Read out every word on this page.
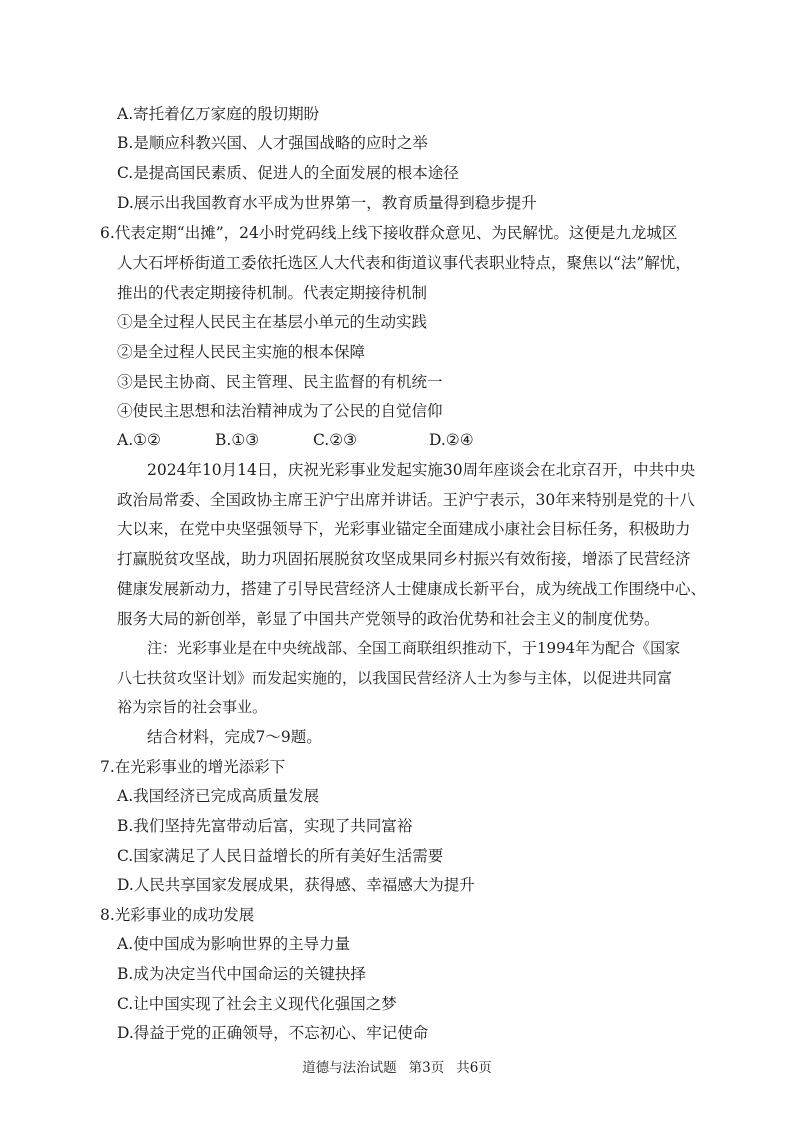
A.寄托着亿万家庭的殷切期盼
B.是顺应科教兴国、人才强国战略的应时之举
C.是提高国民素质、促进人的全面发展的根本途径
D.展示出我国教育水平成为世界第一，教育质量得到稳步提升
6.代表定期“出摊”，24小时党码线上线下接收群众意见、为民解忧。这便是九龙城区
人大石坪桥街道工委依托选区人大代表和街道议事代表职业特点，聚焦以“法”解忧，
推出的代表定期接待机制。代表定期接待机制
①是全过程人民民主在基层小单元的生动实践
②是全过程人民民主实施的根本保障
③是民主协商、民主管理、民主监督的有机统一
④使民主思想和法治精神成为了公民的自觉信仰
A.①②	B.①③	C.②③	D.②④
2024年10月14日，庆祝光彩事业发起实施30周年座谈会在北京召开，中共中央
政治局常委、全国政协主席王沪宁出席并讲话。王沪宁表示，30年来特别是党的十八
大以来，在党中央坚强领导下，光彩事业锚定全面建成小康社会目标任务，积极助力
打赢脱贫攻坚战，助力巩固拓展脱贫攻坚成果同乡村振兴有效衔接，增添了民营经济
健康发展新动力，搭建了引导民营经济人士健康成长新平台，成为统战工作围绕中心、
服务大局的新创举，彰显了中国共产党领导的政治优势和社会主义的制度优势。
注：光彩事业是在中央统战部、全国工商联组织推动下，于1994年为配合《国家
八七扶贫攻坚计划》而发起实施的，以我国民营经济人士为参与主体，以促进共同富
裕为宗旨的社会事业。
结合材料，完成7～9题。
7.在光彩事业的增光添彩下
A.我国经济已完成高质量发展
B.我们坚持先富带动后富，实现了共同富裕
C.国家满足了人民日益增长的所有美好生活需要
D.人民共享国家发展成果，获得感、幸福感大为提升
8.光彩事业的成功发展
A.使中国成为影响世界的主导力量
B.成为决定当代中国命运的关键抉择
C.让中国实现了社会主义现代化强国之梦
D.得益于党的正确领导，不忘初心、牢记使命
道德与法治试题 第3页 共6页
